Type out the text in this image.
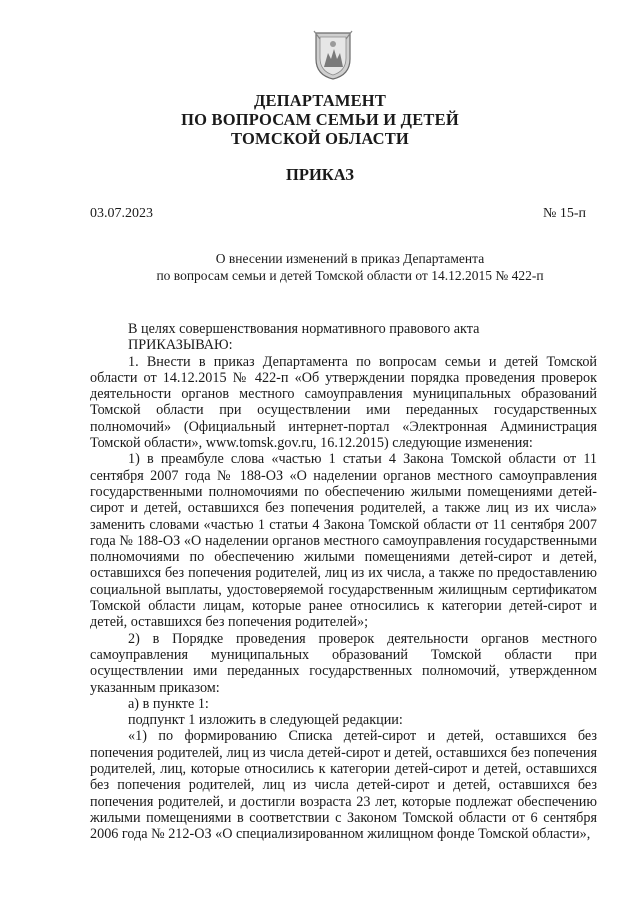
ДЕПАРТАМЕНТ
ПО ВОПРОСАМ СЕМЬИ И ДЕТЕЙ
ТОМСКОЙ ОБЛАСТИ
ПРИКАЗ
03.07.2023	№ 15-п
О внесении изменений в приказ Департамента
по вопросам семьи и детей Томской области от 14.12.2015 № 422-п

В целях совершенствования нормативного правового акта

ПРИКАЗЫВАЮ:

1. Внести в приказ Департамента по вопросам семьи и детей Томской области от 14.12.2015 № 422-п «Об утверждении порядка проведения проверок деятельности органов местного самоуправления муниципальных образований Томской области при осуществлении ими переданных государственных полномочий» (Официальный интернет-портал «Электронная Администрация Томской области», www.tomsk.gov.ru, 16.12.2015) следующие изменения:

1) в преамбуле слова «частью 1 статьи 4 Закона Томской области от 11 сентября 2007 года № 188-ОЗ «О наделении органов местного самоуправления государственными полномочиями по обеспечению жилыми помещениями детей-сирот и детей, оставшихся без попечения родителей, а также лиц из их числа» заменить словами «частью 1 статьи 4 Закона Томской области от 11 сентября 2007 года № 188-ОЗ «О наделении органов местного самоуправления государственными полномочиями по обеспечению жилыми помещениями детей-сирот и детей, оставшихся без попечения родителей, лиц из их числа, а также по предоставлению социальной выплаты, удостоверяемой государственным жилищным сертификатом Томской области лицам, которые ранее относились к категории детей-сирот и детей, оставшихся без попечения родителей»;

2) в Порядке проведения проверок деятельности органов местного самоуправления муниципальных образований Томской области при осуществлении ими переданных государственных полномочий, утвержденном указанным приказом:

а) в пункте 1:

подпункт 1 изложить в следующей редакции:

«1) по формированию Списка детей-сирот и детей, оставшихся без попечения родителей, лиц из числа детей-сирот и детей, оставшихся без попечения родителей, лиц, которые относились к категории детей-сирот и детей, оставшихся без попечения родителей, лиц из числа детей-сирот и детей, оставшихся без попечения родителей, и достигли возраста 23 лет, которые подлежат обеспечению жилыми помещениями в соответствии с Законом Томской области от 6 сентября 2006 года № 212-ОЗ «О специализированном жилищном фонде Томской области»,
